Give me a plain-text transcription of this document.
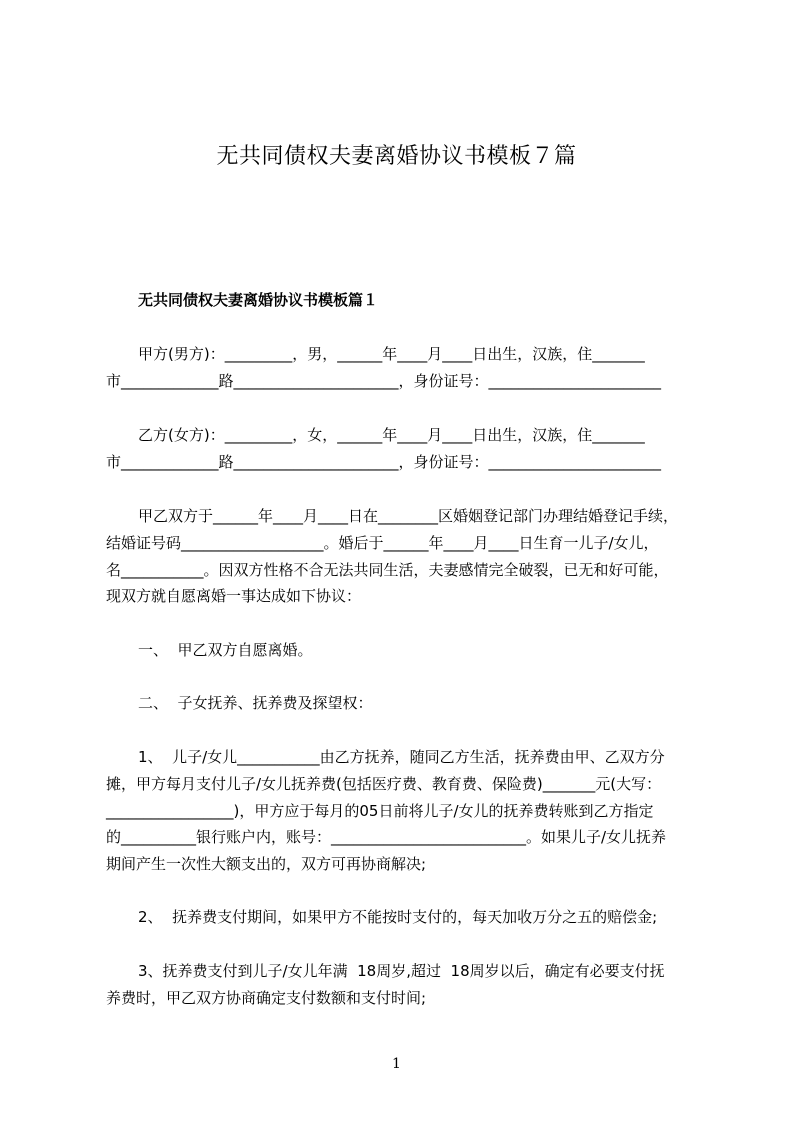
无共同债权夫妻离婚协议书模板７篇
无共同债权夫妻离婚协议书模板篇１
甲方(男方)：_________，男，______年____月____日出生，汉族，住_______
市_____________路______________________，身份证号：_______________________
乙方(女方)：_________，女，______年____月____日出生，汉族，住_______
市_____________路______________________，身份证号：_______________________
甲乙双方于______年____月____日在________区婚姻登记部门办理结婚登记手续，
结婚证号码___________________。婚后于______年____月____日生育一儿子/女儿，
名___________。因双方性格不合无法共同生活，夫妻感情完全破裂，已无和好可能，
现双方就自愿离婚一事达成如下协议：
一、  甲乙双方自愿离婚。
二、  子女抚养、抚养费及探望权：
1、  儿子/女儿___________由乙方抚养，随同乙方生活，抚养费由甲、乙双方分
摊，甲方每月支付儿子/女儿抚养费(包括医疗费、教育费、保险费)_______元(大写：
_________________)，甲方应于每月的05日前将儿子/女儿的抚养费转账到乙方指定
的__________银行账户内，账号：__________________________。如果儿子/女儿抚养
期间产生一次性大额支出的，双方可再协商解决;
2、  抚养费支付期间，如果甲方不能按时支付的，每天加收万分之五的赔偿金;
3、抚养费支付到儿子/女儿年满  18周岁,超过  18周岁以后，确定有必要支付抚
养费时，甲乙双方协商确定支付数额和支付时间;
1
